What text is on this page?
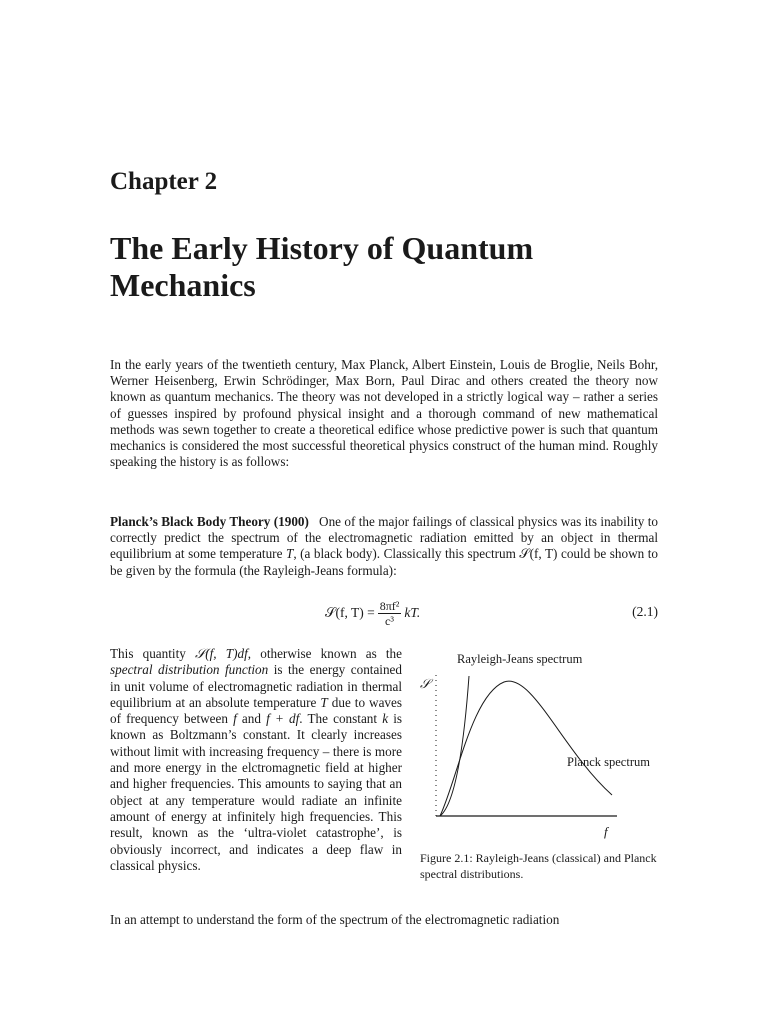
Chapter 2
The Early History of Quantum Mechanics
In the early years of the twentieth century, Max Planck, Albert Einstein, Louis de Broglie, Neils Bohr, Werner Heisenberg, Erwin Schrödinger, Max Born, Paul Dirac and others created the theory now known as quantum mechanics. The theory was not developed in a strictly logical way – rather a series of guesses inspired by profound physical insight and a thorough command of new mathematical methods was sewn together to create a theoretical edifice whose predictive power is such that quantum mechanics is considered the most successful theoretical physics construct of the human mind. Roughly speaking the history is as follows:
Planck’s Black Body Theory (1900) One of the major failings of classical physics was its inability to correctly predict the spectrum of the electromagnetic radiation emitted by an object in thermal equilibrium at some temperature T, (a black body). Classically this spectrum 𝒮(f, T) could be shown to be given by the formula (the Rayleigh-Jeans formula):
𝒮(f, $T) = \frac{\text{8πf²}}{\text{c³}}$ kT.	(2.1)
This quantity 𝒮(f, T)df, otherwise known as the spectral distribution function is the energy contained in unit volume of electromagnetic radiation in thermal equilibrium at an absolute temperature T due to waves of frequency between f and f + df. The constant k is known as Boltzmann’s constant. It clearly increases without limit with increasing frequency – there is more and more energy in the elctromagnetic field at higher and higher frequencies. This amounts to saying that an object at any temperature would radiate an infinite amount of energy at infinitely high frequencies. This result, known as the ‘ultra-violet catastrophe’, is obviously incorrect, and indicates a deep flaw in classical physics.
Rayleigh-Jeans spectrum
𝒮
Planck spectrum
f
Figure 2.1: Rayleigh-Jeans (classical) and Planck spectral distributions.
In an attempt to understand the form of the spectrum of the electromagnetic radiation
